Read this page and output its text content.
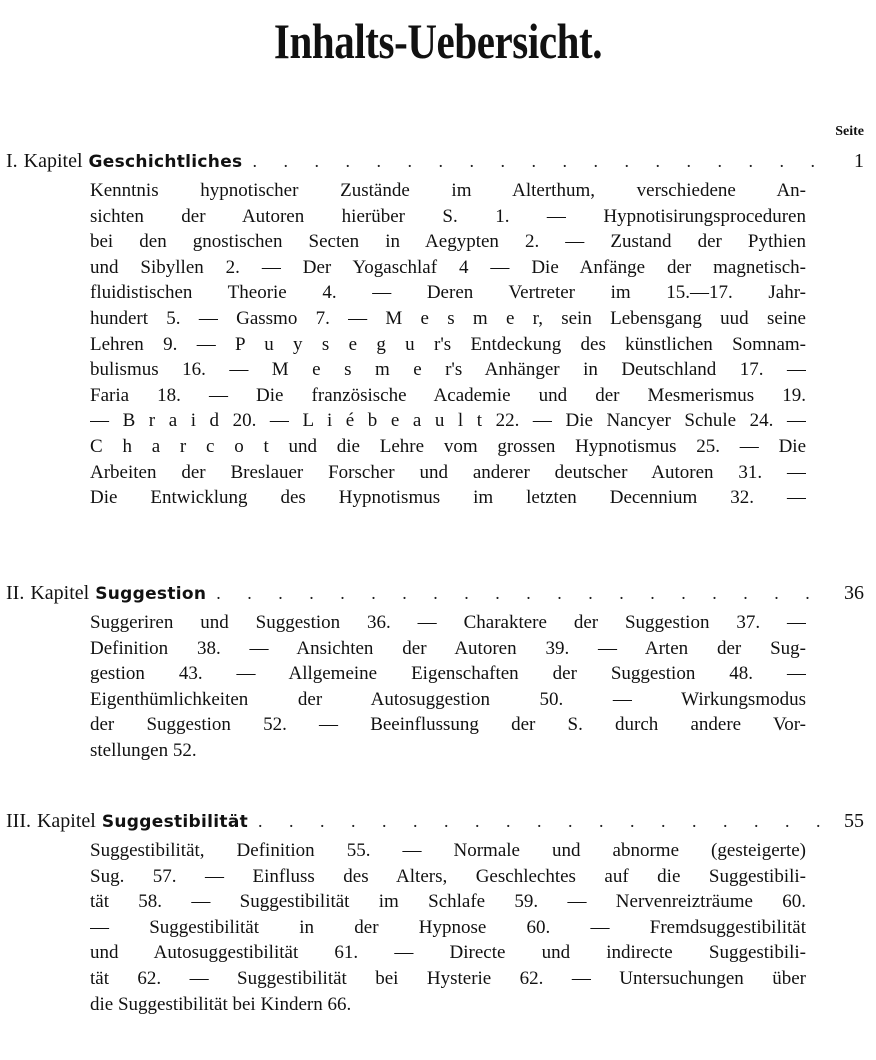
Inhalts-Uebersicht.
Seite
I. Kapitel Geschichtliches . . .	1
Kenntnis hypnotischer Zustände im Alterthum, verschiedene An-
sichten der Autoren hierüber S. 1. — Hypnotisirungsproceduren
bei den gnostischen Secten in Aegypten 2. — Zustand der Pythien
und Sibyllen 2. — Der Yogaschlaf 4 — Die Anfänge der magnetisch-
fluidistischen Theorie 4. — Deren Vertreter im 15.—17. Jahr-
hundert 5. — Gassmo 7. — M e s m e r, sein Lebensgang uud seine
Lehren 9. — P u y s e g u r's Entdeckung des künstlichen Somnam-
bulismus 16. — M e s m e r's Anhänger in Deutschland 17. —
Faria 18. — Die französische Academie und der Mesmerismus 19.
— B r a i d 20. — L i é b e a u l t 22. — Die Nancyer Schule 24. —
C h a r c o t und die Lehre vom grossen Hypnotismus 25. — Die
Arbeiten der Breslauer Forscher und anderer deutscher Autoren 31. —
Die Entwicklung des Hypnotismus im letzten Decennium 32. —
II. Kapitel Suggestion . . .	36
Suggeriren und Suggestion 36. — Charaktere der Suggestion 37. —
Definition 38. — Ansichten der Autoren 39. — Arten der Sug-
gestion 43. — Allgemeine Eigenschaften der Suggestion 48. —
Eigenthümlichkeiten der Autosuggestion 50. — Wirkungsmodus
der Suggestion 52. — Beeinflussung der S. durch andere Vor-
stellungen 52.
III. Kapitel Suggestibilität . . .	55
Suggestibilität, Definition 55. — Normale und abnorme (gesteigerte)
Sug. 57. — Einfluss des Alters, Geschlechtes auf die Suggestibili-
tät 58. — Suggestibilität im Schlafe 59. — Nervenreizträume 60.
— Suggestibilität in der Hypnose 60. — Fremdsuggestibilität
und Autosuggestibilität 61. — Directe und indirecte Suggestibili-
tät 62. — Suggestibilität bei Hysterie 62. — Untersuchungen über
die Suggestibilität bei Kindern 66.
